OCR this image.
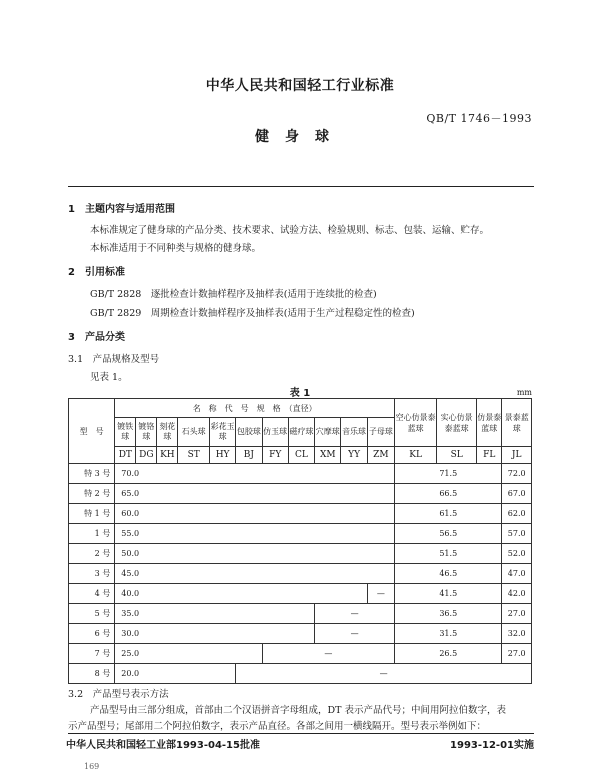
中华人民共和国轻工行业标准
QB/T 1746－1993
健身球
1　主题内容与适用范围
本标准规定了健身球的产品分类、技术要求、试验方法、检验规则、标志、包装、运输、贮存。
本标准适用于不同种类与规格的健身球。
2　引用标准
GB/T 2828　逐批检查计数抽样程序及抽样表(适用于连续批的检查)
GB/T 2829　周期检查计数抽样程序及抽样表(适用于生产过程稳定性的检查)
3　产品分类
3.1　产品规格及型号
见表 1。
表 1	mm
型　号	名　称　代　号　规　格　（直径）											空心仿景泰蓝球	实心仿景泰蓝球	仿景泰蓝球	景泰蓝球
	镀铁球	镀铬球	刻花球	石头球	彩花玉球	包胶球	仿玉球	磁疗球	穴摩球	音乐球	子母球				
	DT	DG	KH	ST	HY	BJ	FY	CL	XM	YY	ZM	KL	SL	FL	JL
特 3 号	70.0											71.5			72.0
特 2 号	65.0											66.5			67.0
特 1 号	60.0											61.5			62.0
1 号	55.0											56.5			57.0
2 号	50.0											51.5			52.0
3 号	45.0											46.5			47.0
4 号	40.0										—	41.5			42.0
5 号	35.0								—			36.5			27.0
6 号	30.0								—			31.5			32.0
7 号	25.0						—					26.5			27.0
8 号	20.0					—									
3.2　产品型号表示方法
产品型号由三部分组成，首部由二个汉语拼音字母组成，DT 表示产品代号；中间用阿拉伯数字，表
示产品型号；尾部用二个阿拉伯数字，表示产品直径。各部之间用一横线隔开。型号表示举例如下：
中华人民共和国轻工业部1993-04-15批准	1993-12-01实施
169
